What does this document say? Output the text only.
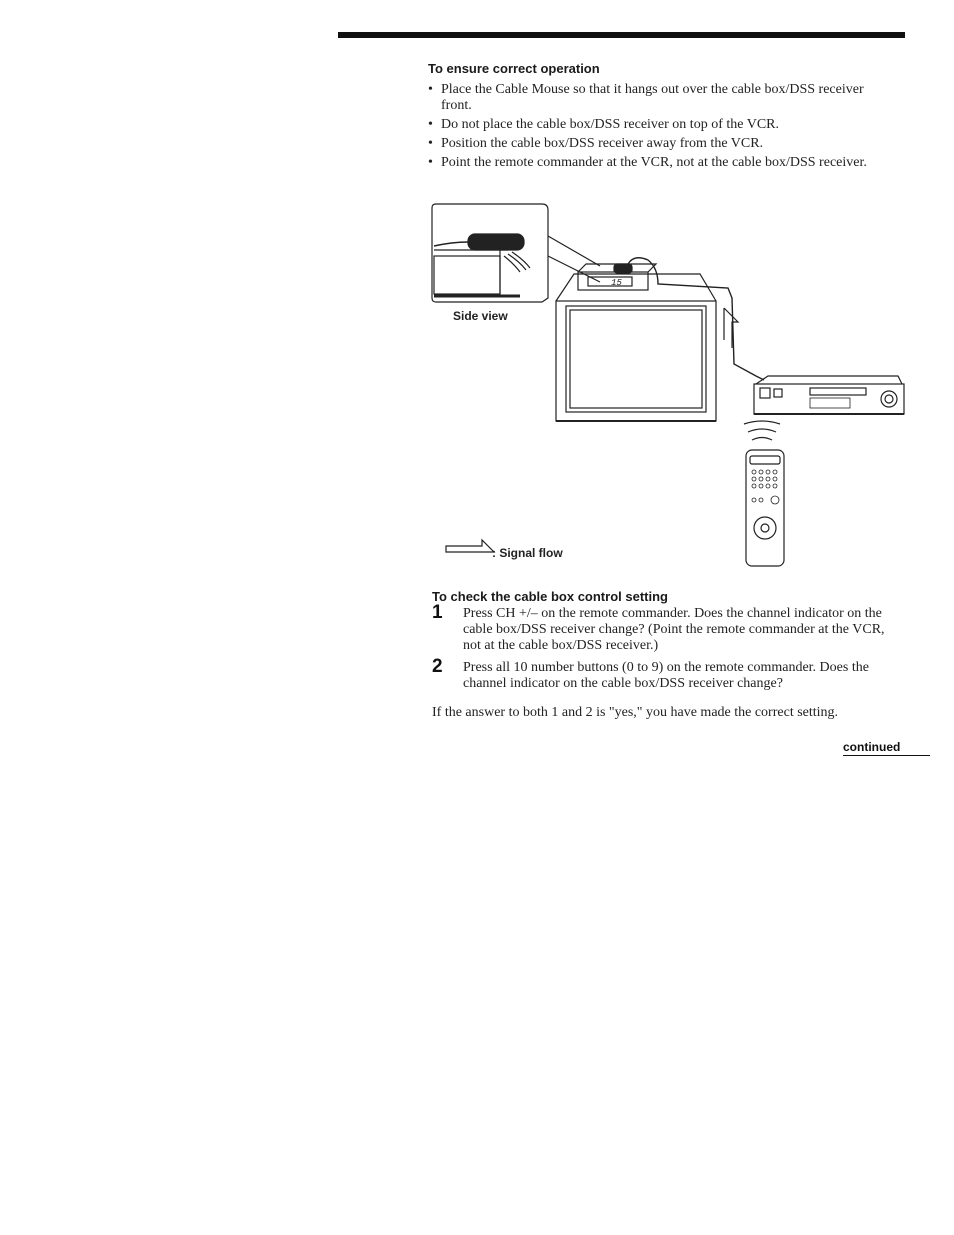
To ensure correct operation
• Place the Cable Mouse so that it hangs out over the cable box/DSS receiver front.
• Do not place the cable box/DSS receiver on top of the VCR.
• Position the cable box/DSS receiver away from the VCR.
• Point the remote commander at the VCR, not at the cable box/DSS receiver.
15
Side view
: Signal flow
To check the cable box control setting
1 Press CH +/– on the remote commander. Does the channel indicator on the cable box/DSS receiver change? (Point the remote commander at the VCR, not at the cable box/DSS receiver.)
2 Press all 10 number buttons (0 to 9) on the remote commander. Does the channel indicator on the cable box/DSS receiver change?
If the answer to both 1 and 2 is "yes," you have made the correct setting.
continued
